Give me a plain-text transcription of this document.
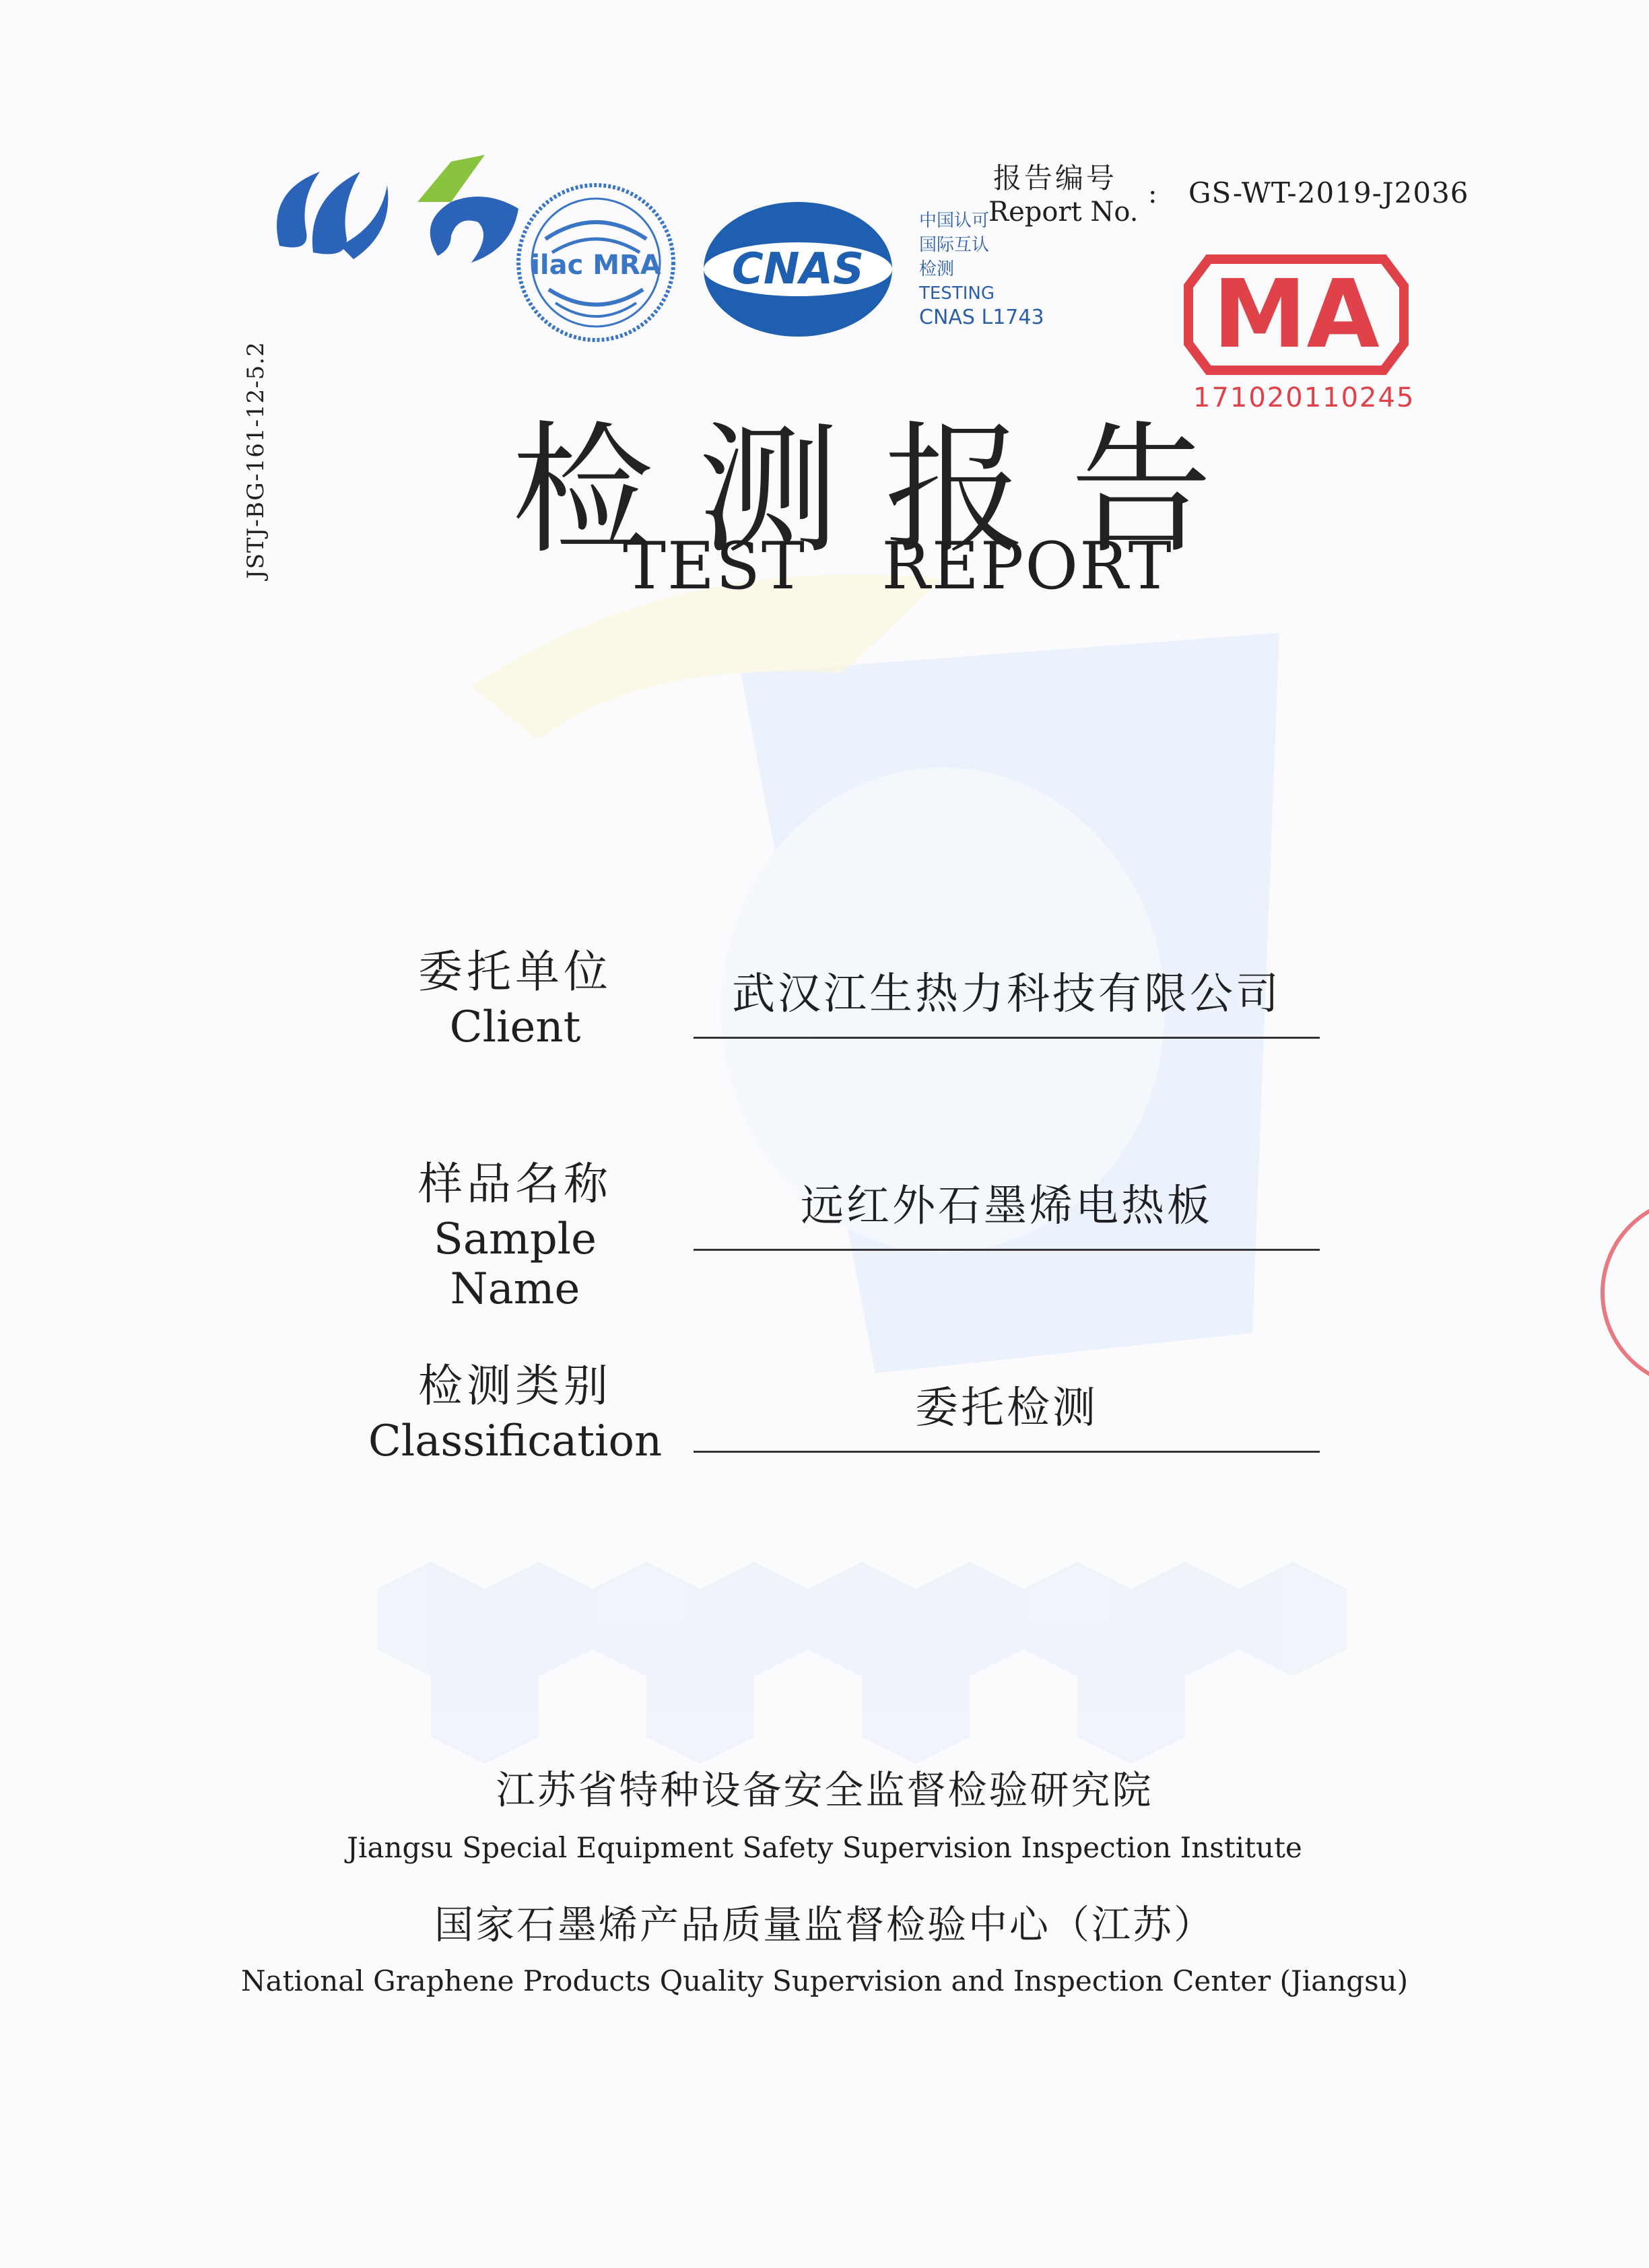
ilac MRA CNAS
中国认可
国际互认
检测
TESTING
CNAS L1743 MA
171020110245
报告编号
Report No.
: GS-WT-2019-J2036
JSTJ-BG-161-12-5.2 检 测 报 告
TEST REPORT
委托单位
Client
武汉江生热力科技有限公司
样品名称
Sample Name
远红外石墨烯电热板
检测类别
Classification
委托检测
江苏省特种设备安全监督检验研究院
Jiangsu Special Equipment Safety Supervision Inspection Institute
国家石墨烯产品质量监督检验中心（江苏）
National Graphene Products Quality Supervision and Inspection Center (Jiangsu)
